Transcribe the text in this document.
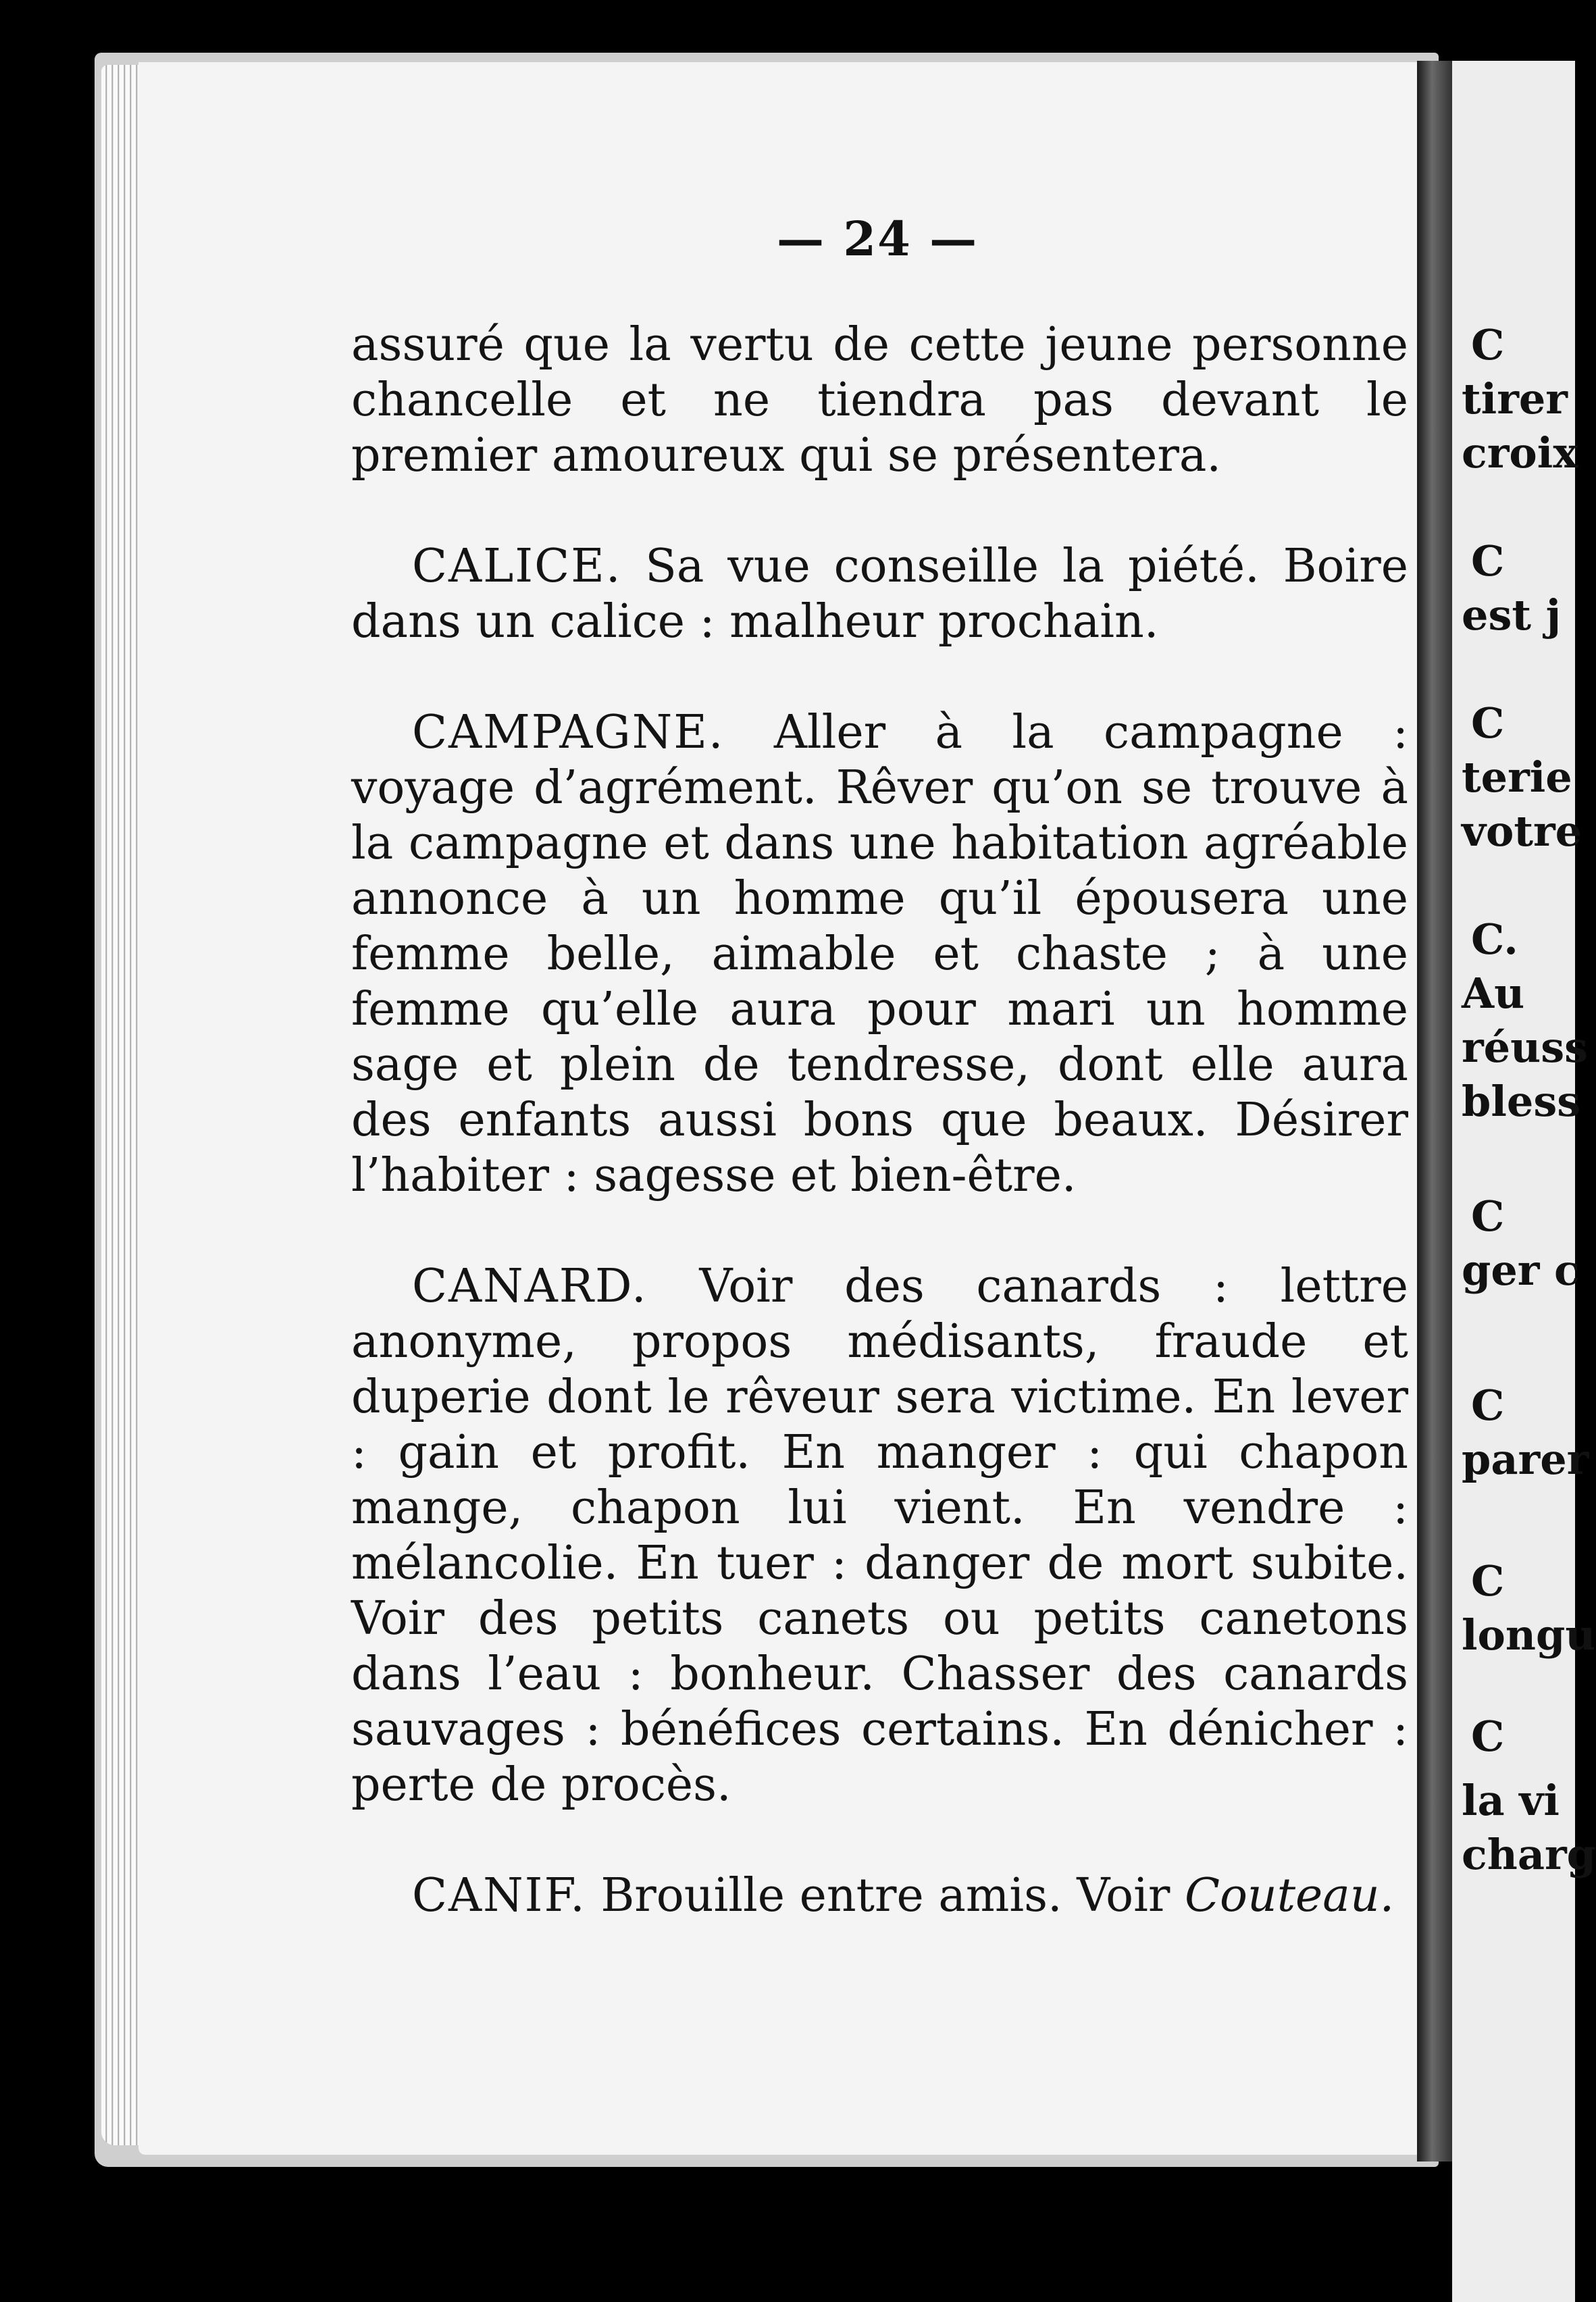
C
tirer
croix
C
est j
C
terie
votre
C.
Au
réuss
bless
C
ger c
C
parer
C
longu
C
la vi
charg
— 24 —

assuré que la vertu de cette jeune personne chancelle et ne tiendra pas devant le premier amoureux qui se présentera.

CALICE. Sa vue conseille la piété. Boire dans un calice : malheur prochain.

CAMPAGNE. Aller à la campagne : voyage d’agrément. Rêver qu’on se trouve à la campagne et dans une habitation agréable annonce à un homme qu’il épousera une femme belle, aimable et chaste ; à une femme qu’elle aura pour mari un homme sage et plein de tendresse, dont elle aura des enfants aussi bons que beaux. Désirer l’habiter : sagesse et bien-être.

CANARD. Voir des canards : lettre anonyme, propos médisants, fraude et duperie dont le rêveur sera victime. En lever : gain et profit. En manger : qui chapon mange, chapon lui vient. En vendre : mélancolie. En tuer : danger de mort subite. Voir des petits canets ou petits canetons dans l’eau : bonheur. Chasser des canards sauvages : bénéfices certains. En dénicher : perte de procès.

CANIF. Brouille entre amis. Voir Couteau.
